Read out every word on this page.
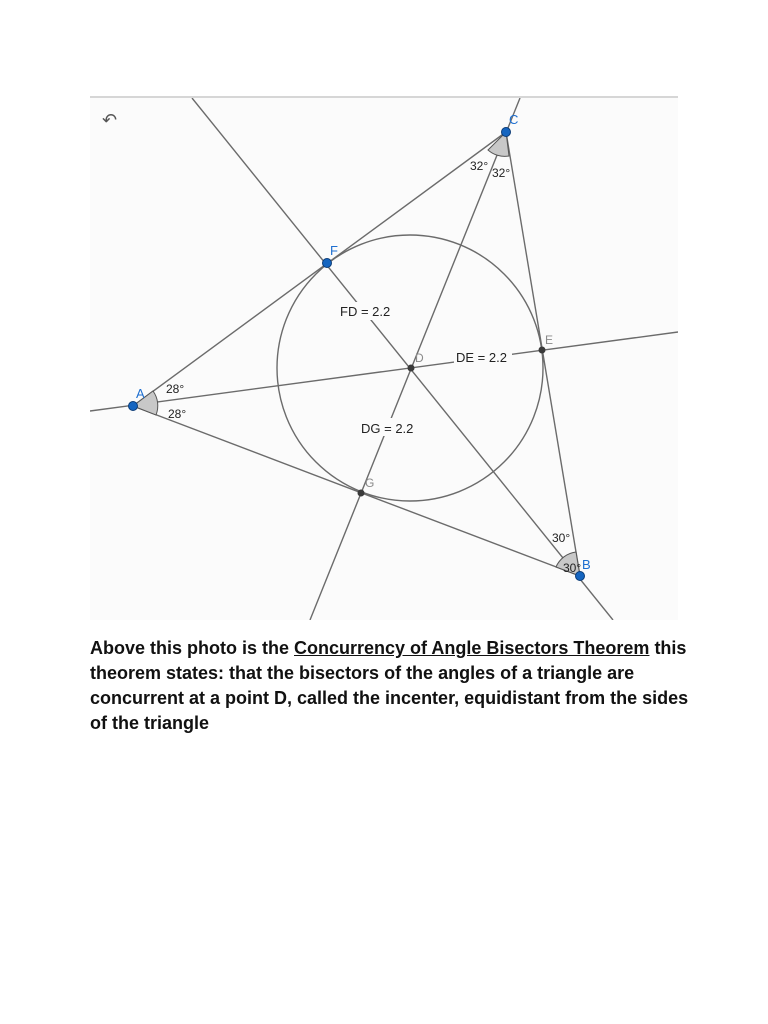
A
B
C
F
D
E
G
28°
28°
32° 32°
30°
30°
FD = 2.2
DE = 2.2
DG = 2.2
↶
Above this photo is the Concurrency of Angle Bisectors Theorem this theorem states: that the bisectors of the angles of a triangle are concurrent at a point D, called the incenter, equidistant from the sides of the triangle
